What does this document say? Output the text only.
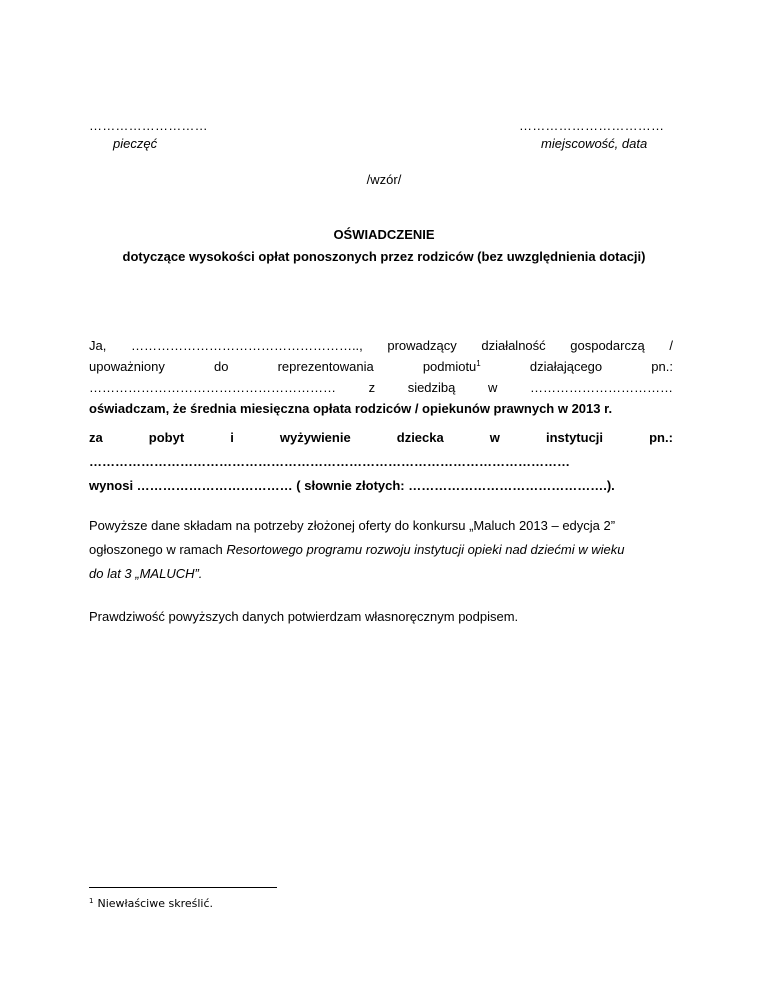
………………………
pieczęć
……………………………
miejscowość, data
/wzór/
OŚWIADCZENIE
dotyczące wysokości opłat ponoszonych przez rodziców (bez uwzględnienia dotacji)
Ja, …………………………………………….., prowadzący działalność gospodarczą /
upoważniony	do	reprezentowania	podmiotu$^1$	działającego	pn.:
…………………………………………………	z	siedzibą	w	……………………………
oświadczam, że średnia miesięczna opłata rodziców / opiekunów prawnych w 2013 r.
za	pobyt	i	wyżywienie	dziecka	w	instytucji	pn.:
…………………………………………………………………………………………………
wynosi ……………………………… ( słownie złotych: ……………………………………….).
Powyższe dane składam na potrzeby złożonej oferty do konkursu „Maluch 2013 – edycja 2”
ogłoszonego w ramach Resortowego programu rozwoju instytucji opieki nad dziećmi w wieku
do lat 3 „MALUCH”.
Prawdziwość powyższych danych potwierdzam własnoręcznym podpisem.
$^1$ Niewłaściwe skreślić.
